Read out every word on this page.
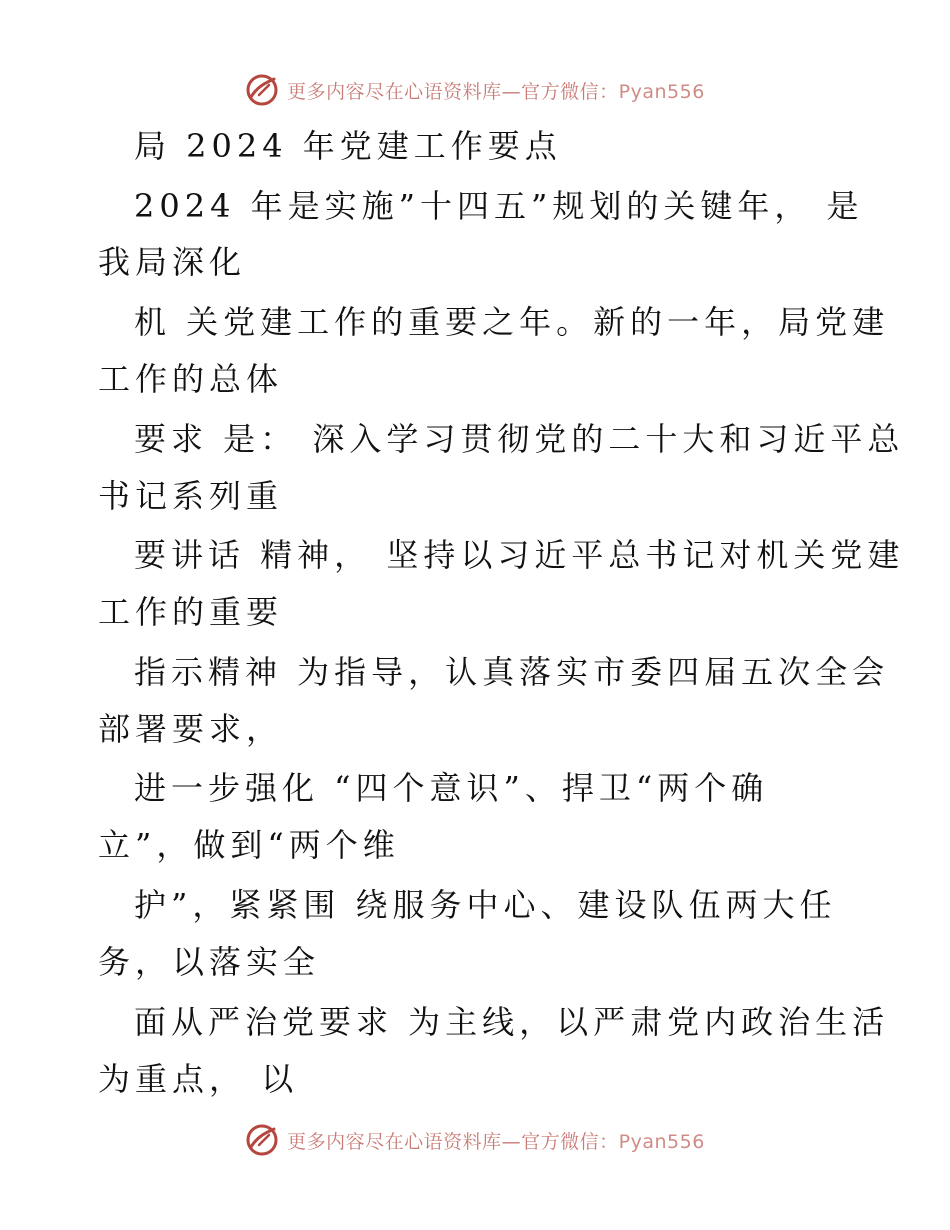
更多内容尽在心语资料库—官方微信：Pyan556
局 2024 年党建工作要点
2024 年是实施”十四五”规划的关键年， 是
我局深化
机 关党建工作的重要之年。新的一年，局党建
工作的总体
要求 是： 深入学习贯彻党的二十大和习近平总
书记系列重
要讲话 精神， 坚持以习近平总书记对机关党建
工作的重要
指示精神 为指导，认真落实市委四届五次全会
部署要求，
进一步强化 “四个意识”、捍卫“两个确
立”，做到“两个维
护”，紧紧围 绕服务中心、建设队伍两大任
务，以落实全
面从严治党要求 为主线，以严肃党内政治生活
为重点， 以
更多内容尽在心语资料库—官方微信：Pyan556
